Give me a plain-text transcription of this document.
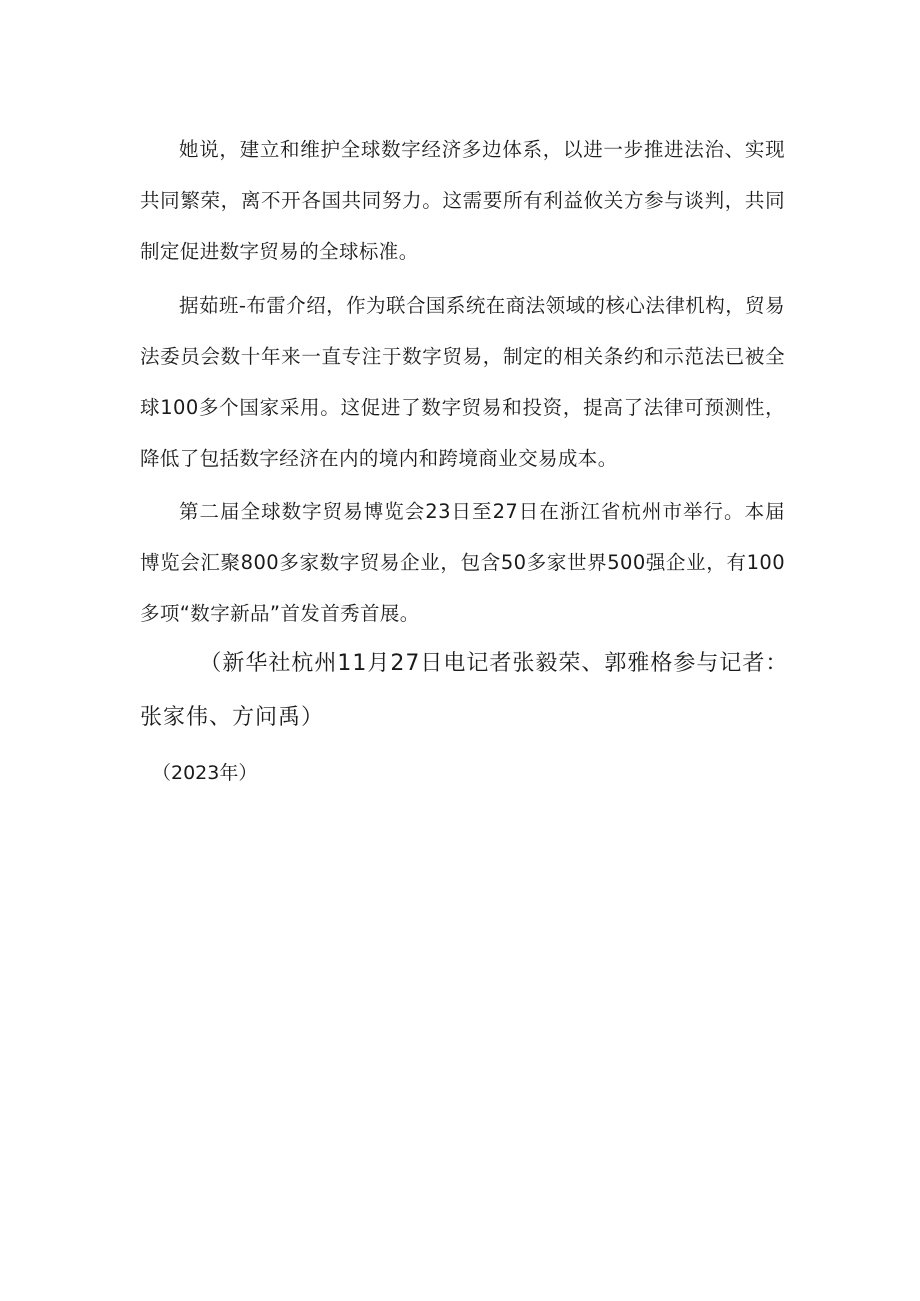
她说，建立和维护全球数字经济多边体系，以进一步推进法治、实现共同繁荣，离不开各国共同努力。这需要所有利益攸关方参与谈判，共同制定促进数字贸易的全球标准。

据茹班-布雷介绍，作为联合国系统在商法领域的核心法律机构，贸易法委员会数十年来一直专注于数字贸易，制定的相关条约和示范法已被全球100多个国家采用。这促进了数字贸易和投资，提高了法律可预测性，降低了包括数字经济在内的境内和跨境商业交易成本。

第二届全球数字贸易博览会23日至27日在浙江省杭州市举行。本届博览会汇聚800多家数字贸易企业，包含50多家世界500强企业，有100多项“数字新品”首发首秀首展。

（新华社杭州11月27日电记者张毅荣、郭雅格参与记者：张家伟、方问禹）

（2023年）
